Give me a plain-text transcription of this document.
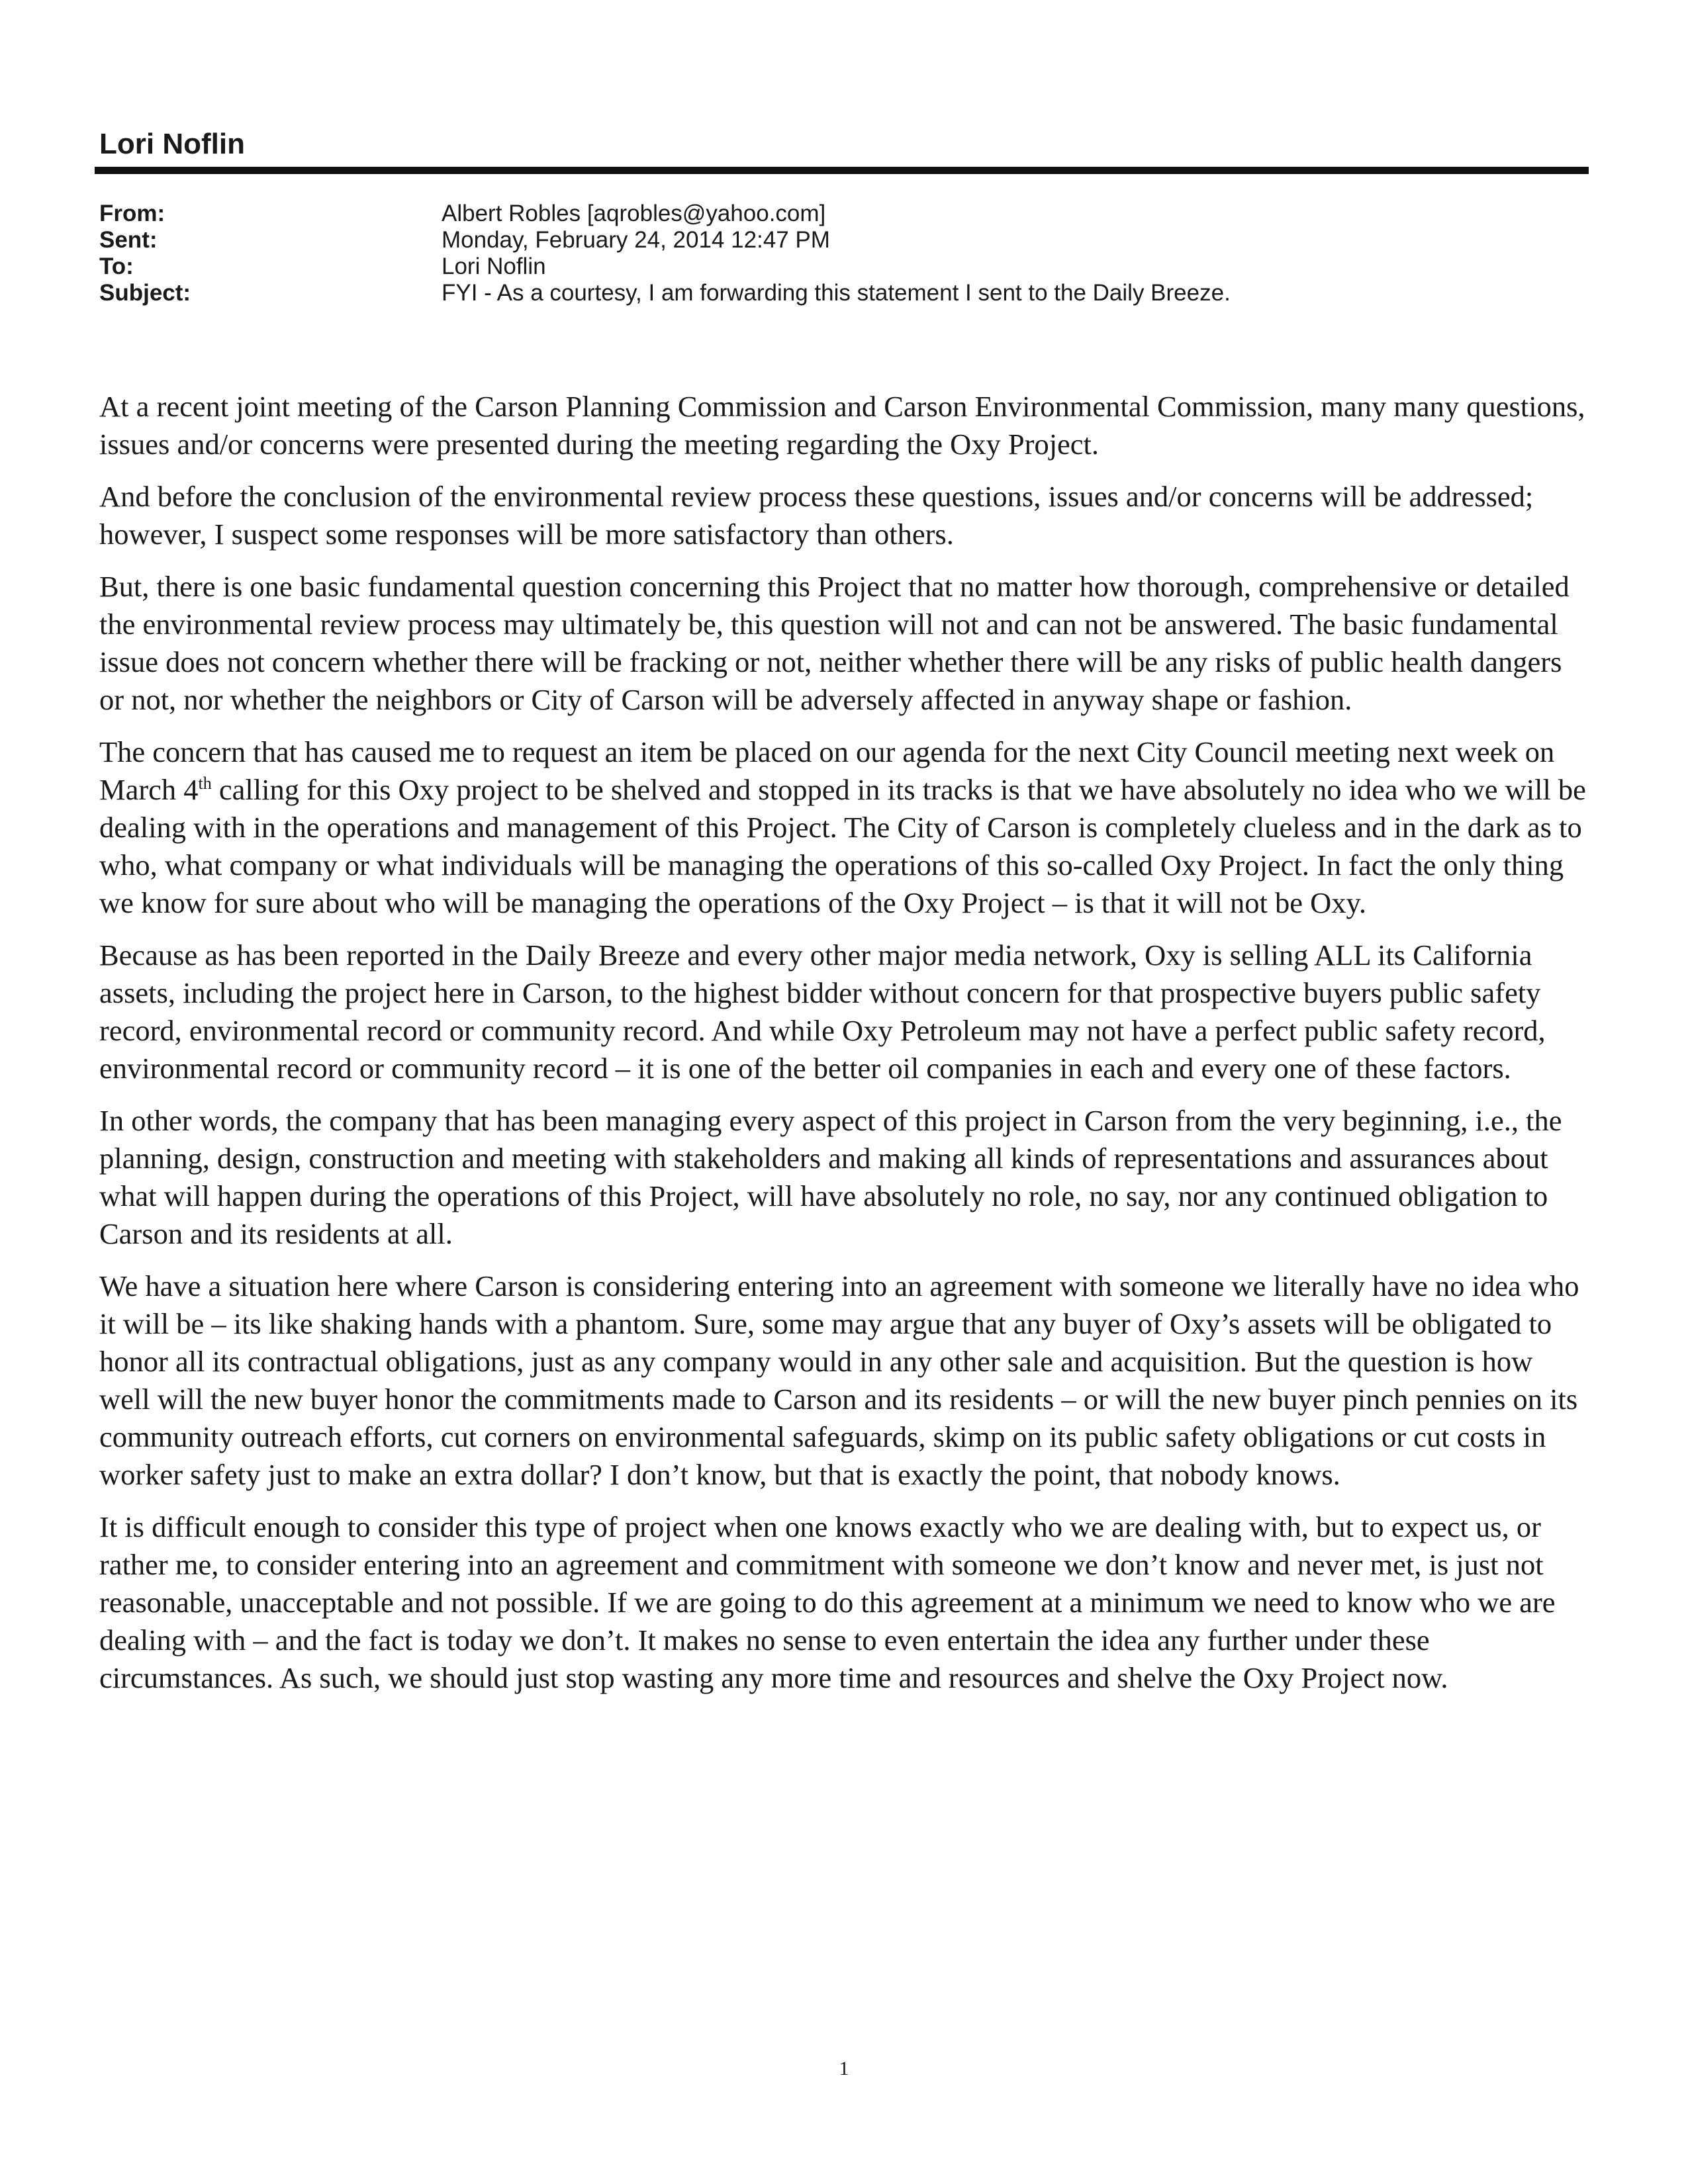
Lori Noflin
From:	Albert Robles [aqrobles@yahoo.com]
Sent:	Monday, February 24, 2014 12:47 PM
To:	Lori Noflin
Subject:	FYI - As a courtesy, I am forwarding this statement I sent to the Daily Breeze.

At a recent joint meeting of the Carson Planning Commission and Carson Environmental Commission, many many questions, issues and/or concerns were presented during the meeting regarding the Oxy Project.

And before the conclusion of the environmental review process these questions, issues and/or concerns will be addressed; however, I suspect some responses will be more satisfactory than others.

But, there is one basic fundamental question concerning this Project that no matter how thorough, comprehensive or detailed the environmental review process may ultimately be, this question will not and can not be answered. The basic fundamental issue does not concern whether there will be fracking or not, neither whether there will be any risks of public health dangers or not, nor whether the neighbors or City of Carson will be adversely affected in anyway shape or fashion.

The concern that has caused me to request an item be placed on our agenda for the next City Council meeting next week on March 4th calling for this Oxy project to be shelved and stopped in its tracks is that we have absolutely no idea who we will be dealing with in the operations and management of this Project. The City of Carson is completely clueless and in the dark as to who, what company or what individuals will be managing the operations of this so-called Oxy Project. In fact the only thing we know for sure about who will be managing the operations of the Oxy Project – is that it will not be Oxy.

Because as has been reported in the Daily Breeze and every other major media network, Oxy is selling ALL its California assets, including the project here in Carson, to the highest bidder without concern for that prospective buyers public safety record, environmental record or community record. And while Oxy Petroleum may not have a perfect public safety record, environmental record or community record – it is one of the better oil companies in each and every one of these factors.

In other words, the company that has been managing every aspect of this project in Carson from the very beginning, i.e., the planning, design, construction and meeting with stakeholders and making all kinds of representations and assurances about what will happen during the operations of this Project, will have absolutely no role, no say, nor any continued obligation to Carson and its residents at all.

We have a situation here where Carson is considering entering into an agreement with someone we literally have no idea who it will be – its like shaking hands with a phantom. Sure, some may argue that any buyer of Oxy’s assets will be obligated to honor all its contractual obligations, just as any company would in any other sale and acquisition. But the question is how well will the new buyer honor the commitments made to Carson and its residents – or will the new buyer pinch pennies on its community outreach efforts, cut corners on environmental safeguards, skimp on its public safety obligations or cut costs in worker safety just to make an extra dollar? I don’t know, but that is exactly the point, that nobody knows.

It is difficult enough to consider this type of project when one knows exactly who we are dealing with, but to expect us, or rather me, to consider entering into an agreement and commitment with someone we don’t know and never met, is just not reasonable, unacceptable and not possible. If we are going to do this agreement at a minimum we need to know who we are dealing with – and the fact is today we don’t. It makes no sense to even entertain the idea any further under these circumstances. As such, we should just stop wasting any more time and resources and shelve the Oxy Project now.

1
